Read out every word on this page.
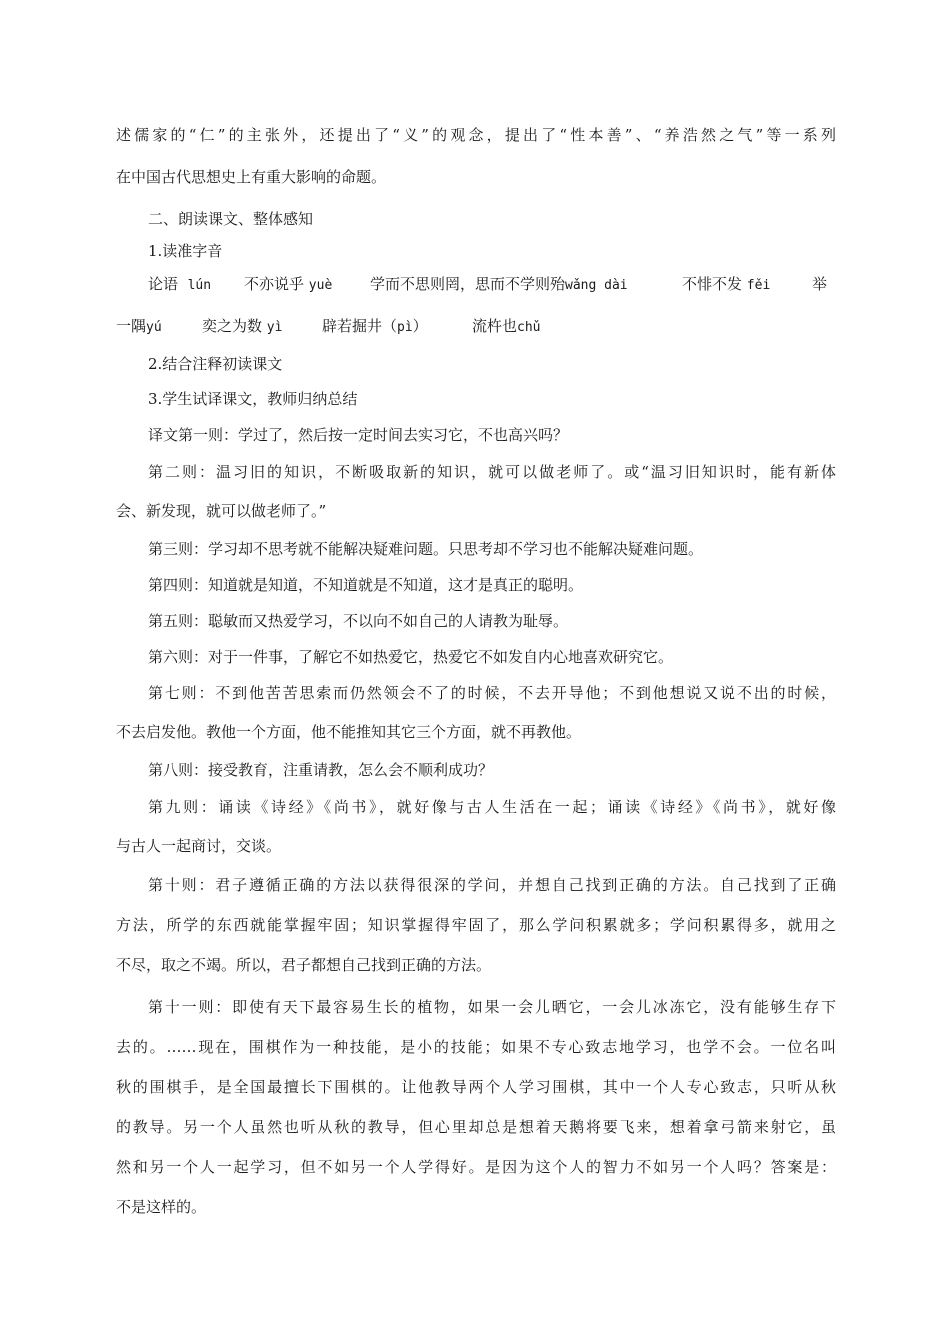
述儒家的“仁”的主张外，还提出了“义”的观念，提出了“性本善”、“养浩然之气”等一系列
在中国古代思想史上有重大影响的命题。
二、朗读课文、整体感知
1.读准字音
论语 lún 不亦说乎 yuè	学而不思则罔，思而不学则殆wǎng dài	不悱不发 fěi	举
一隅yú	奕之为数 yì	辟若掘井（pì）	流杵也chǔ
2.结合注释初读课文
3.学生试译课文，教师归纳总结
译文第一则：学过了，然后按一定时间去实习它，不也高兴吗？
第二则：温习旧的知识，不断吸取新的知识，就可以做老师了。或“温习旧知识时，能有新体
会、新发现，就可以做老师了。”
第三则：学习却不思考就不能解决疑难问题。只思考却不学习也不能解决疑难问题。
第四则：知道就是知道，不知道就是不知道，这才是真正的聪明。
第五则：聪敏而又热爱学习，不以向不如自己的人请教为耻辱。
第六则：对于一件事，了解它不如热爱它，热爱它不如发自内心地喜欢研究它。
第七则：不到他苦苦思索而仍然领会不了的时候，不去开导他；不到他想说又说不出的时候，
不去启发他。教他一个方面，他不能推知其它三个方面，就不再教他。
第八则：接受教育，注重请教，怎么会不顺利成功？
第九则：诵读《诗经》《尚书》，就好像与古人生活在一起；诵读《诗经》《尚书》，就好像
与古人一起商讨，交谈。
第十则：君子遵循正确的方法以获得很深的学问，并想自己找到正确的方法。自己找到了正确
方法，所学的东西就能掌握牢固；知识掌握得牢固了，那么学问积累就多；学问积累得多，就用之
不尽，取之不竭。所以，君子都想自己找到正确的方法。
第十一则：即使有天下最容易生长的植物，如果一会儿晒它，一会儿冰冻它，没有能够生存下
去的。……现在，围棋作为一种技能，是小的技能；如果不专心致志地学习，也学不会。一位名叫
秋的围棋手，是全国最擅长下围棋的。让他教导两个人学习围棋，其中一个人专心致志，只听从秋
的教导。另一个人虽然也听从秋的教导，但心里却总是想着天鹅将要飞来，想着拿弓箭来射它，虽
然和另一个人一起学习，但不如另一个人学得好。是因为这个人的智力不如另一个人吗？答案是：
不是这样的。
